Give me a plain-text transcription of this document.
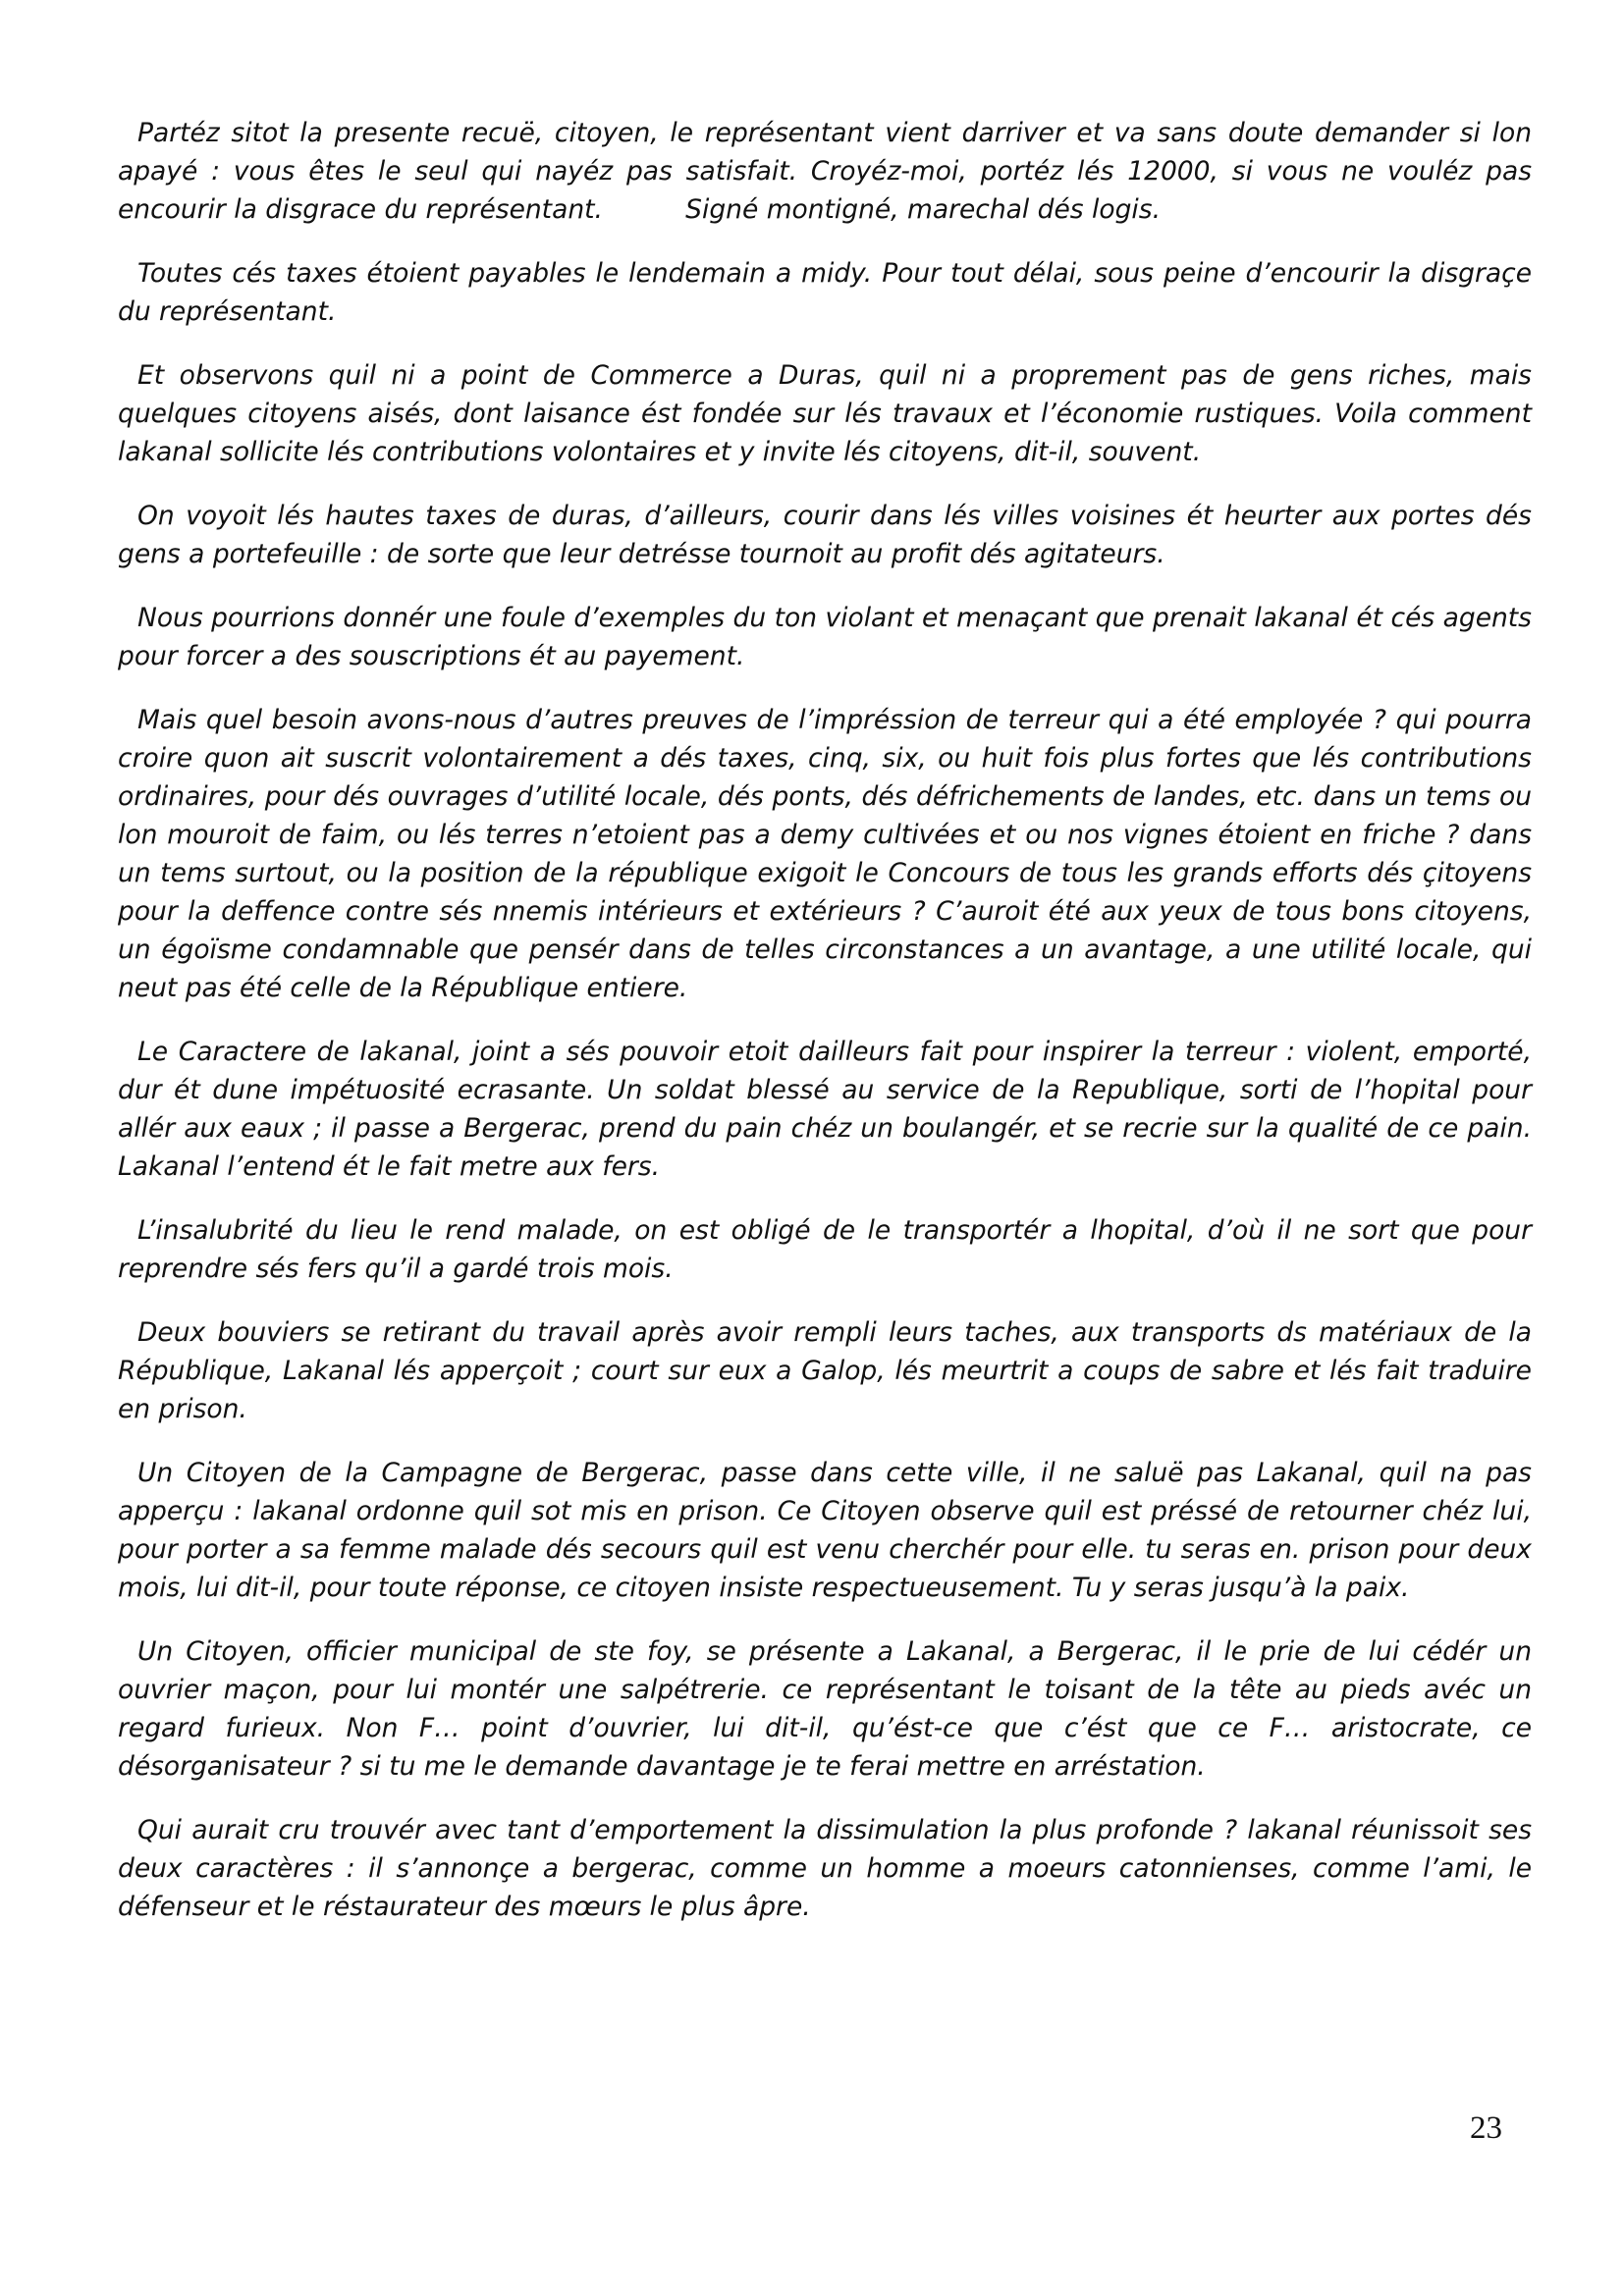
Partéz sitot la presente recuë, citoyen, le représentant vient darriver et va sans doute demander si lon apayé : vous êtes le seul qui nayéz pas satisfait. Croyéz-moi, portéz lés 12000, si vous ne vouléz pas encourir la disgrace du représentant.          Signé montigné, marechal dés logis.

Toutes cés taxes étoient payables le lendemain a midy. Pour tout délai, sous peine d’encourir la disgraçe du représentant.

Et observons quil ni a point de Commerce a Duras, quil ni a proprement pas de gens riches, mais quelques citoyens aisés, dont laisance ést fondée sur lés travaux et l’économie rustiques. Voila comment lakanal sollicite lés contributions volontaires et y invite lés citoyens, dit-il, souvent.

On voyoit lés hautes taxes de duras, d’ailleurs, courir dans lés villes voisines ét heurter aux portes dés gens a portefeuille : de sorte que leur detrésse tournoit au profit dés agitateurs.

Nous pourrions donnér une foule d’exemples du ton violant et menaçant que prenait lakanal ét cés agents pour forcer a des souscriptions ét au payement.

Mais quel besoin avons-nous d’autres preuves de l’impréssion de terreur qui a été employée ? qui pourra croire quon ait suscrit volontairement a dés taxes, cinq, six, ou huit fois plus fortes que lés contributions ordinaires, pour dés ouvrages d’utilité locale, dés ponts, dés défrichements de landes, etc. dans un tems ou lon mouroit de faim, ou lés terres n’etoient pas a demy cultivées et ou nos vignes étoient en friche ? dans un tems surtout, ou la position de la république exigoit le Concours de tous les grands efforts dés çitoyens pour la deffence contre sés nnemis intérieurs et extérieurs ? C’auroit été aux yeux de tous bons citoyens, un égoïsme condamnable que pensér dans de telles circonstances a un avantage, a une utilité locale, qui neut pas été celle de la République entiere.

Le Caractere de lakanal, joint a sés pouvoir etoit dailleurs fait pour inspirer la terreur : violent, emporté, dur ét dune impétuosité ecrasante. Un soldat blessé au service de la Republique, sorti de l’hopital pour allér aux eaux ; il passe a Bergerac, prend du pain chéz un boulangér, et se recrie sur la qualité de ce pain. Lakanal l’entend ét le fait metre aux fers.

L’insalubrité du lieu le rend malade, on est obligé de le transportér a lhopital, d’où il ne sort que pour reprendre sés fers qu’il a gardé trois mois.

Deux bouviers se retirant du travail après avoir rempli leurs taches, aux transports ds matériaux de la République, Lakanal lés apperçoit ; court sur eux a Galop, lés meurtrit a coups de sabre et lés fait traduire en prison.

Un Citoyen de la Campagne de Bergerac, passe dans cette ville, il ne saluë pas Lakanal, quil na pas apperçu : lakanal ordonne quil sot mis en prison. Ce Citoyen observe quil est préssé de retourner chéz lui, pour porter a sa femme malade dés secours quil est venu cherchér pour elle. tu seras en. prison pour deux mois, lui dit-il, pour toute réponse, ce citoyen insiste respectueusement. Tu y seras jusqu’à la paix.

Un Citoyen, officier municipal de ste foy, se présente a Lakanal, a Bergerac, il le prie de lui cédér un ouvrier maçon, pour lui montér une salpétrerie. ce représentant le toisant de la tête au pieds avéc un regard furieux. Non F… point d’ouvrier, lui dit-il, qu’ést-ce que c’ést que ce F… aristocrate, ce désorganisateur ? si tu me le demande davantage je te ferai mettre en arréstation.

Qui aurait cru trouvér avec tant d’emportement la dissimulation la plus profonde ? lakanal réunissoit ses deux caractères : il s’annonçe a bergerac, comme un homme a moeurs catonnienses, comme l’ami, le défenseur et le réstaurateur des mœurs le plus âpre.

23
